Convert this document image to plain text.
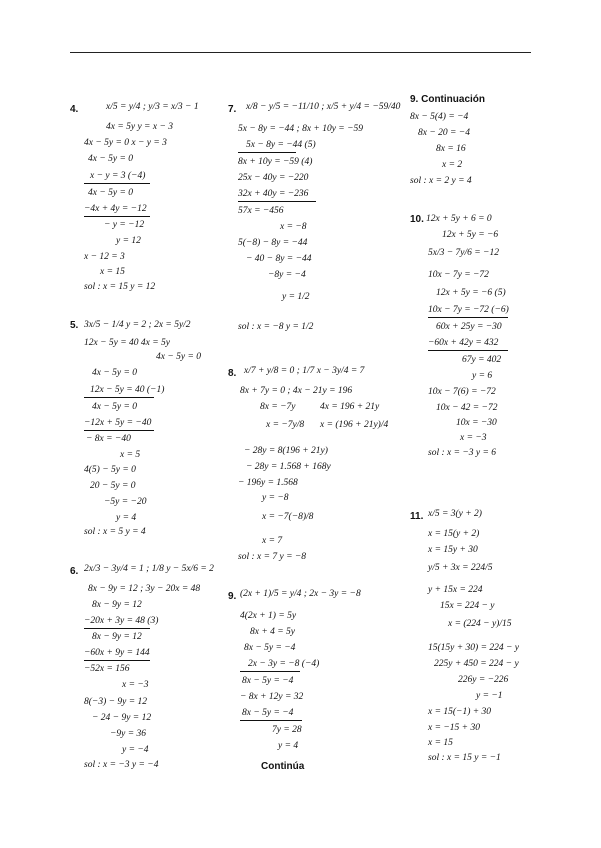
4.	x/5 = y/4 ; y/3 = x/3 − 1
4x = 5y y = x − 3
4x − 5y = 0 x − y = 3
4x − 5y = 0
x − y = 3 (−4)
4x − 5y = 0
−4x + 4y = −12
− y = −12
y = 12
x − 12 = 3
x = 15
sol : x = 15 y = 12
5. 3x/5 − 1/4 y = 2 ; 2x = 5y/2
12x − 5y = 40 4x = 5y
4x − 5y = 0
4x − 5y = 0
12x − 5y = 40 (−1)
4x − 5y = 0
−12x + 5y = −40
− 8x = −40
x = 5
4(5) − 5y = 0
20 − 5y = 0
−5y = −20
y = 4
sol : x = 5 y = 4
6. 2x/3 − 3y/4 = 1 ; 1/8 y − 5x/6 = 2
8x − 9y = 12 ; 3y − 20x = 48
8x − 9y = 12
−20x + 3y = 48 (3)
8x − 9y = 12
−60x + 9y = 144
−52x = 156
x = −3
8(−3) − 9y = 12
− 24 − 9y = 12
−9y = 36
y = −4
sol : x = −3 y = −4
7. x/8 − y/5 = −11/10 ; x/5 + y/4 = −59/40
5x − 8y = −44 ; 8x + 10y = −59
5x − 8y = −44 (5)
8x + 10y = −59 (4)
25x − 40y = −220
32x + 40y = −236
57x = −456
x = −8
5(−8) − 8y = −44
− 40 − 8y = −44
−8y = −4
y = 1/2
sol : x = −8 y = 1/2
8. x/7 + y/8 = 0 ; 1/7 x − 3y/4 = 7
8x + 7y = 0 ; 4x − 21y = 196
8x = −7y	4x = 196 + 21y
x = −7y/8 x = (196 + 21y)/4
− 28y = 8(196 + 21y)
− 28y = 1.568 + 168y
− 196y = 1.568
y = −8
x = −7(−8)/8
x = 7
sol : x = 7 y = −8
9. (2x + 1)/5 = y/4 ; 2x − 3y = −8
4(2x + 1) = 5y
8x + 4 = 5y
8x − 5y = −4
2x − 3y = −8 (−4)
8x − 5y = −4
− 8x + 12y = 32
8x − 5y = −4
7y = 28
y = 4
Continúa
9. Continuación
8x − 5(4) = −4
8x − 20 = −4
8x = 16
x = 2
sol : x = 2 y = 4
10. 12x + 5y + 6 = 0
12x + 5y = −6
5x/3 − 7y/6 = −12
10x − 7y = −72
12x + 5y = −6 (5)
10x − 7y = −72 (−6)
60x + 25y = −30
−60x + 42y = 432
67y = 402
y = 6
10x − 7(6) = −72
10x − 42 = −72
10x = −30
x = −3
sol : x = −3 y = 6
11. x/5 = 3(y + 2)
x = 15(y + 2)
x = 15y + 30
y/5 + 3x = 224/5
y + 15x = 224
15x = 224 − y
x = (224 − y)/15
15(15y + 30) = 224 − y
225y + 450 = 224 − y
226y = −226
y = −1
x = 15(−1) + 30
x = −15 + 30
x = 15
sol : x = 15 y = −1
